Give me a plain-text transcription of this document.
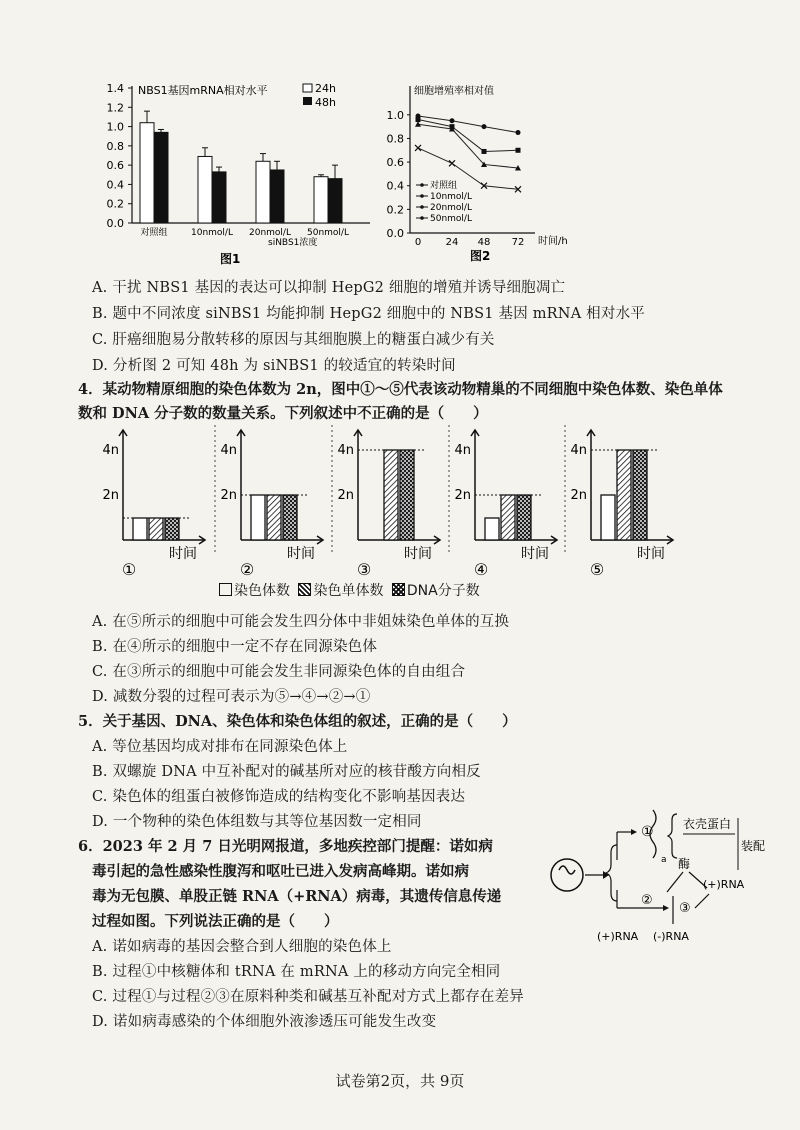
0.0
0.2
0.4
0.6
0.8
1.0
1.2
1.4 NBS1基因mRNA相对水平	24h
48h
对照组	10nmol/L 20nmol/L 50nmol/L
siNBS1浓度
图1
0.0
0.2
0.4
0.6
0.8
1.0
0 24 48 72
细胞增殖率相对值
时间/h
对照组
10nmol/L
20nmol/L
50nmol/L
图2
A. 干扰 NBS1 基因的表达可以抑制 HepG2 细胞的增殖并诱导细胞凋亡
B. 题中不同浓度 siNBS1 均能抑制 HepG2 细胞中的 NBS1 基因 mRNA 相对水平
C. 肝癌细胞易分散转移的原因与其细胞膜上的糖蛋白减少有关
D. 分析图 2 可知 48h 为 siNBS1 的较适宜的转染时间
4．某动物精原细胞的染色体数为 2n，图中①～⑤代表该动物精巢的不同细胞中染色体数、染色单体
数和 DNA 分子数的数量关系。下列叙述中不正确的是（　　）
4n
2n
时间
①
4n
2n
时间
②
4n
2n
时间
③
4n
2n
时间
④
4n
2n
时间
⑤
染色体数 染色单体数 DNA分子数
A. 在⑤所示的细胞中可能会发生四分体中非姐妹染色单体的互换
B. 在④所示的细胞中一定不存在同源染色体
C. 在③所示的细胞中可能会发生非同源染色体的自由组合
D. 减数分裂的过程可表示为⑤→④→②→①
5．关于基因、DNA、染色体和染色体组的叙述，正确的是（　　）
A. 等位基因均成对排布在同源染色体上
B. 双螺旋 DNA 中互补配对的碱基所对应的核苷酸方向相反
C. 染色体的组蛋白被修饰造成的结构变化不影响基因表达
D. 一个物种的染色体组数与其等位基因数一定相同
6．2023 年 2 月 7 日光明网报道，多地疾控部门提醒：诺如病
毒引起的急性感染性腹泻和呕吐已进入发病高峰期。诺如病
毒为无包膜、单股正链 RNA（+RNA）病毒，其遗传信息传递
过程如图。下列说法正确的是（　　）
A. 诺如病毒的基因会整合到人细胞的染色体上
B. 过程①中核糖体和 tRNA 在 mRNA 上的移动方向完全相同
C. 过程①与过程②③在原料种类和碱基互补配对方式上都存在差异
D. 诺如病毒感染的个体细胞外液渗透压可能发生改变
①
a
衣壳蛋白
装配
酶
(+)RNA
②
③
(+)RNA (-)RNA
试卷第2页，共 9页
